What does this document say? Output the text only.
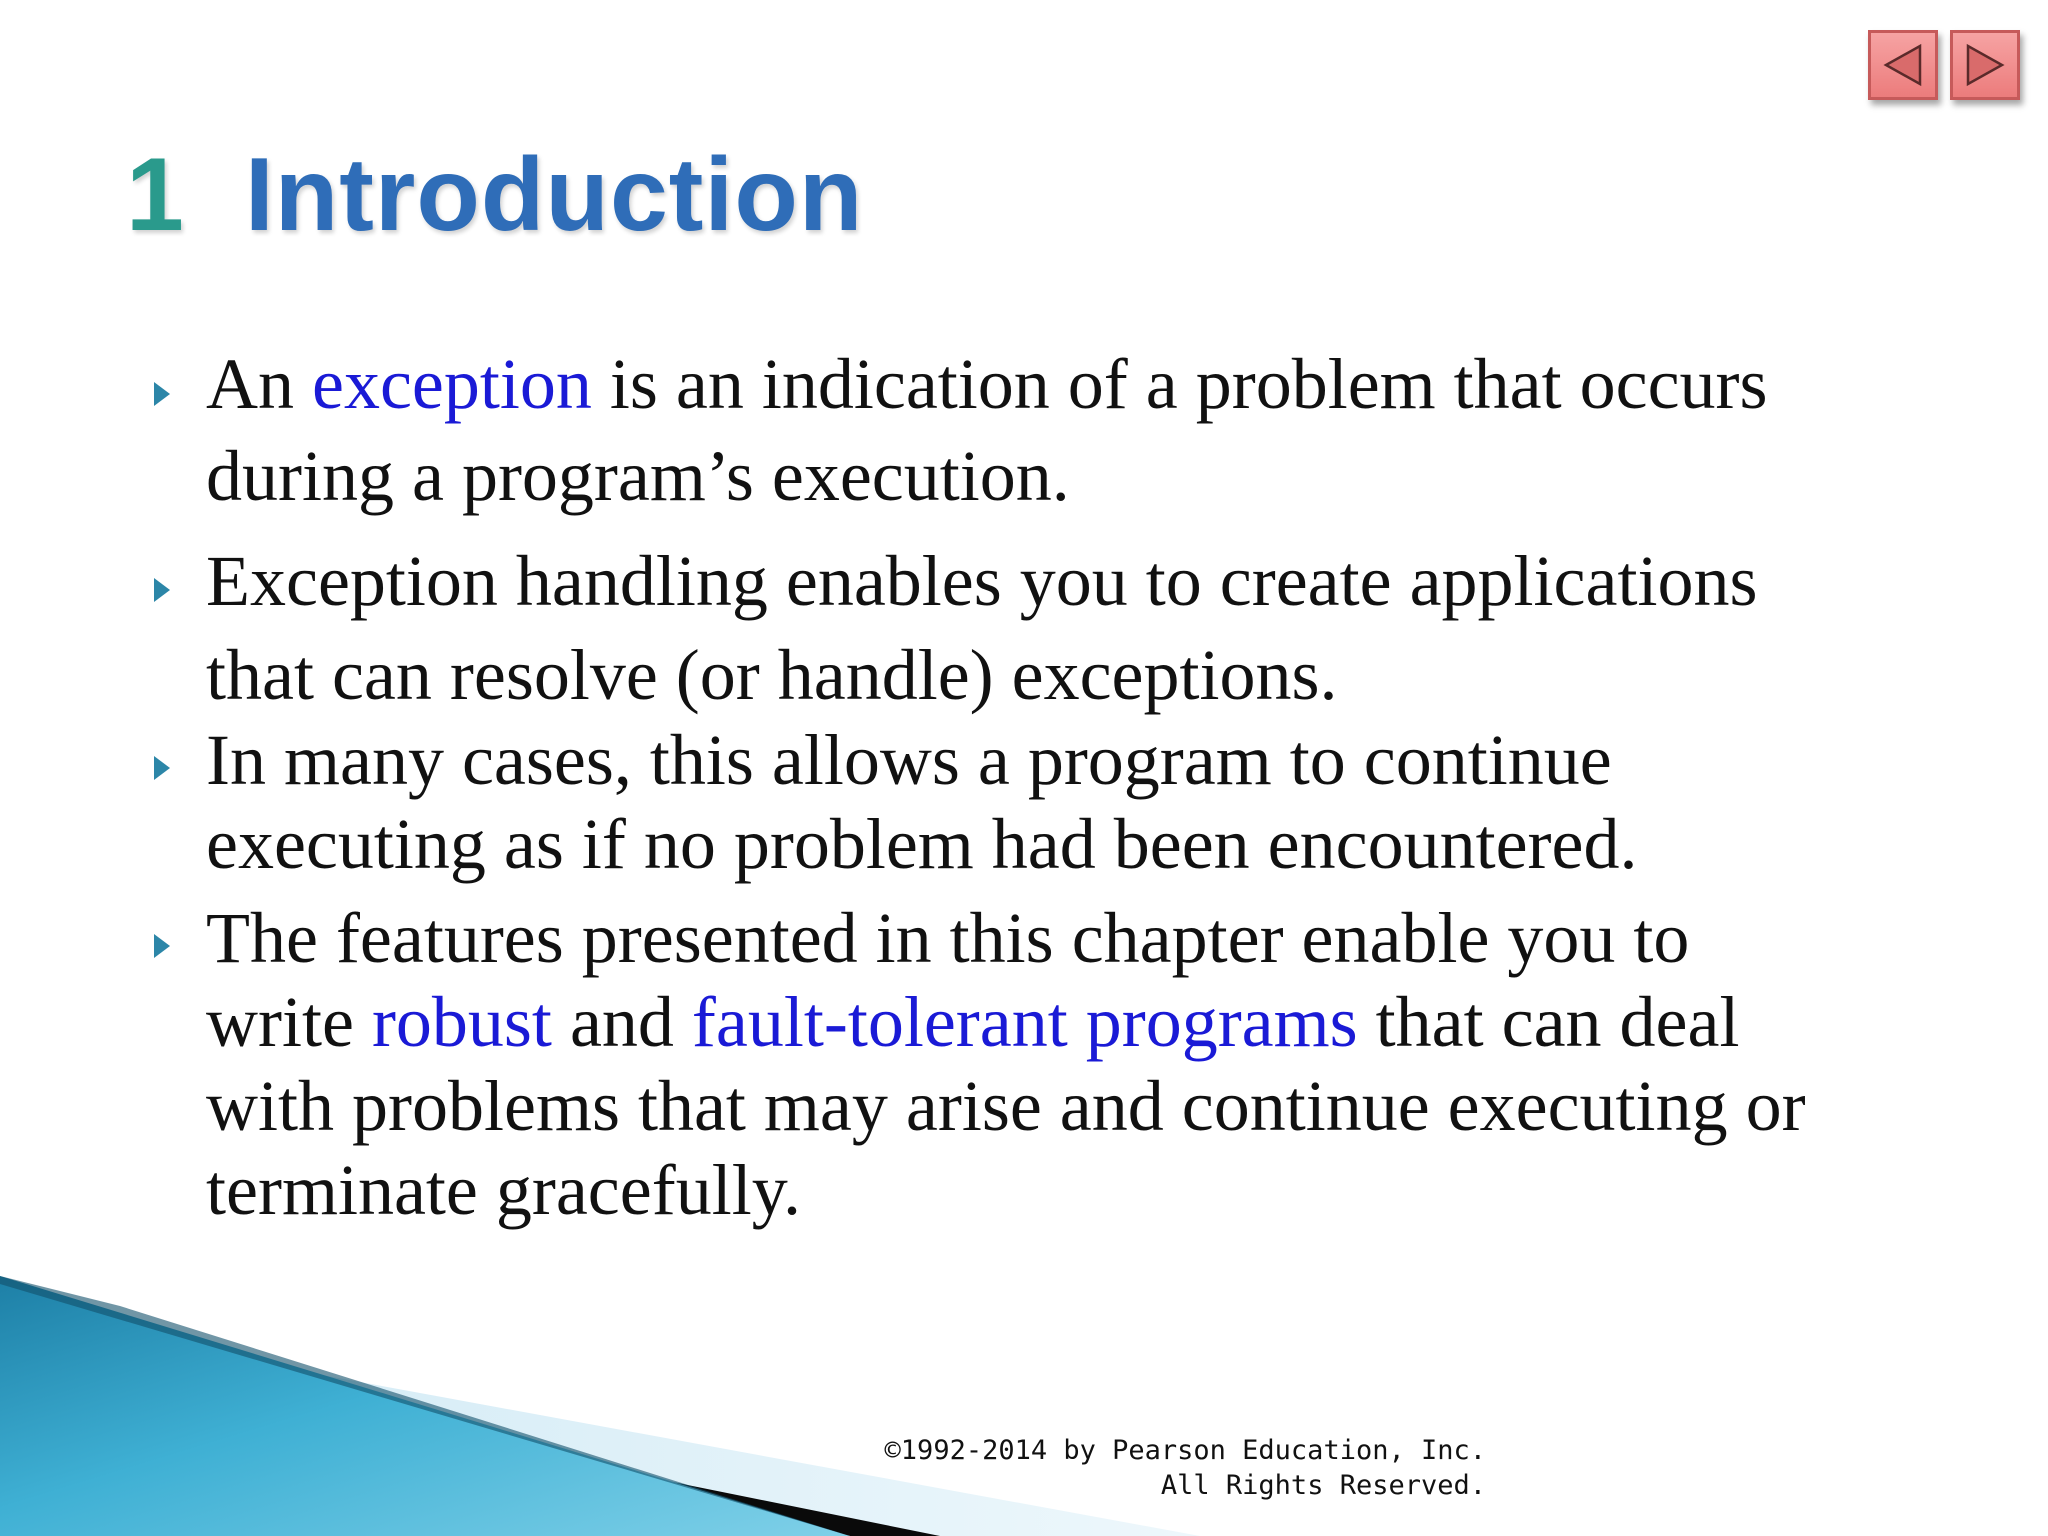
1 Introduction
An exception is an indication of a problem that occurs
during a program’s execution.
Exception handling enables you to create applications
that can resolve (or handle) exceptions.
In many cases, this allows a program to continue
executing as if no problem had been encountered.
The features presented in this chapter enable you to
write robust and fault-tolerant programs that can deal
with problems that may arise and continue executing or
terminate gracefully.
©1992-2014 by Pearson Education, Inc.
All Rights Reserved.
